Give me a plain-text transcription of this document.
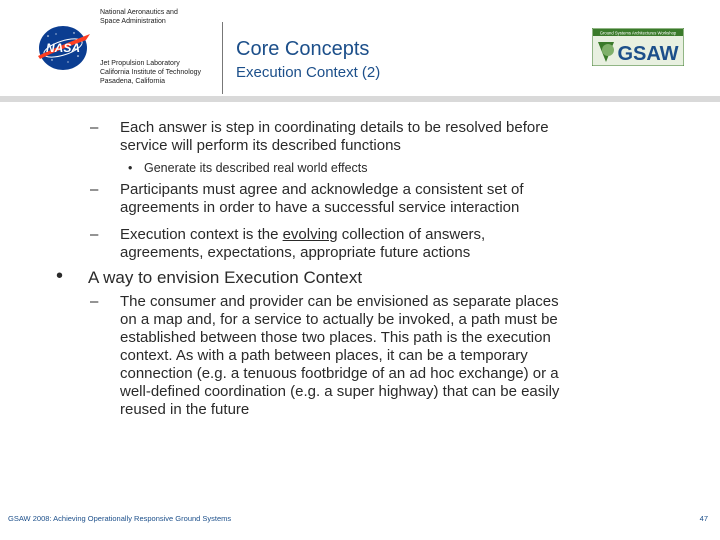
NASA
National Aeronautics and
Space Administration
Jet Propulsion Laboratory
California Institute of Technology
Pasadena, California
Core Concepts
Execution Context (2)
Ground Systems Architectures Workshop
GSAW
– Each answer is step in coordinating details to be resolved before
service will perform its described functions
• Generate its described real world effects
– Participants must agree and acknowledge a consistent set of
agreements in order to have a successful service interaction
– Execution context is the evolving collection of answers,
agreements, expectations, appropriate future actions
• A way to envision Execution Context
– The consumer and provider can be envisioned as separate places
on a map and, for a service to actually be invoked, a path must be
established between those two places. This path is the execution
context. As with a path between places, it can be a temporary
connection (e.g. a tenuous footbridge of an ad hoc exchange) or a
well-defined coordination (e.g. a super highway) that can be easily
reused in the future
GSAW 2008: Achieving Operationally Responsive Ground Systems	47
